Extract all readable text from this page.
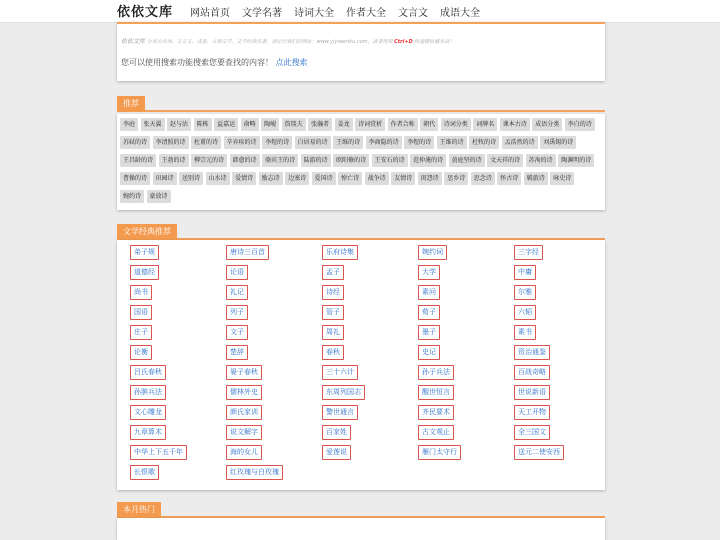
依依文库 网站首页 文学名著 诗词大全 作者大全 文言文 成语大全
依依文库 分享古诗词、文言文、成语、古典文学，文学经典名著，请记住我们的网址：www.yiyiwenku.com，请者使用 Ctrl+D 快速键收藏本站！
您可以使用搜索功能搜索您要查找的内容！ 点此搜索
推荐
李庭	张天翼	赵与沽	陈栋	益嘉运	俞畴	陶岘	詹琰夫	张瀚者	姜龙	诗词赏析	作者合称	朝代	诗词分类	词牌名	课本古诗	成语分类	李白的诗
苏轼的诗	李清照的诗	杜甫的诗	辛弃疾的诗	李煜的诗	白居易的诗	王维的诗	李商隐的诗	李煜的诗	王维的诗	杜牧的诗	孟浩然的诗	刘禹锡的诗
王昌龄的诗	王勃的诗	柳宗元的诗	韩愈的诗	骆宾王的诗	陆游的诗	欧阳修的诗	王安石的诗	范仲淹的诗	黄庭坚的诗	文天祥的诗	苏洵的诗	陶渊明的诗
曹操的诗	田园诗	送别诗	山水诗	爱情诗	励志诗	边塞诗	爱国诗	悼亡诗	战争诗	友情诗	闺怨诗	思乡诗	思念诗	怀古诗	羁旅诗	咏史诗
婉约诗	豪放诗
文学经典推荐
弟子规	唐诗三百首	乐府诗集	婉约词	三字经
道德经	论语	孟子	大学	中庸
尚书	礼记	诗经	素问	尔雅
国语	列子	管子	荀子	六韬
庄子	文子	周礼	墨子	素书
论衡	楚辞	春秋	史记	资治通鉴
吕氏春秋	晏子春秋	三十六计	孙子兵法	百战奇略
孙膑兵法	儒林外史	东周列国志	醒世恒言	世说新语
文心雕龙	颜氏家训	警世通言	齐民要术	天工开物
九章算术	说文解字	百家姓	古文观止	全三国文
中华上下五千年	海的女儿	爱莲说	雁门太守行	送元二使安西
长恨歌	红玫瑰与白玫瑰
本月热门
